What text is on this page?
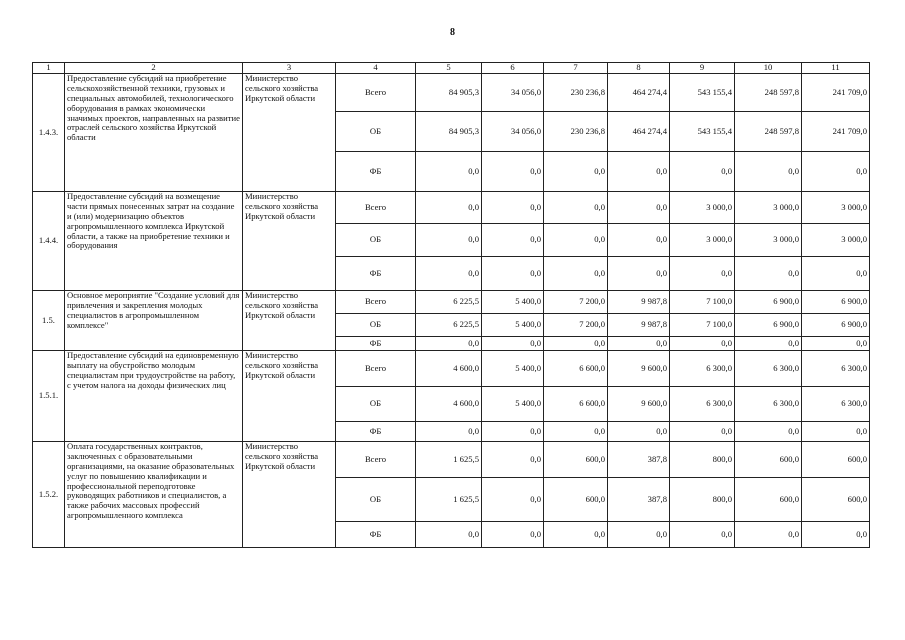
8
1	2	3	4	5	6	7	8	9	10	11
1.4.3.	Предоставление субсидий на приобретение сельскохозяйственной техники, грузовых и специальных автомобилей, технологического оборудования в рамках экономически значимых проектов, направленных на развитие отраслей сельского хозяйства Иркутской области	Министерство сельского хозяйства Иркутской области	Всего	84 905,3	34 056,0	230 236,8	464 274,4	543 155,4	248 597,8	241 709,0
			ОБ	84 905,3	34 056,0	230 236,8	464 274,4	543 155,4	248 597,8	241 709,0
			ФБ	0,0	0,0	0,0	0,0	0,0	0,0	0,0
1.4.4.	Предоставление субсидий на возмещение части прямых понесенных затрат на создание и (или) модернизацию объектов агропромышленного комплекса Иркутской области, а также на приобретение техники и оборудования	Министерство сельского хозяйства Иркутской области	Всего	0,0	0,0	0,0	0,0	3 000,0	3 000,0	3 000,0
			ОБ	0,0	0,0	0,0	0,0	3 000,0	3 000,0	3 000,0
			ФБ	0,0	0,0	0,0	0,0	0,0	0,0	0,0
1.5.	Основное мероприятие "Создание условий для привлечения и закрепления молодых специалистов в агропромышленном комплексе"	Министерство сельского хозяйства Иркутской области	Всего	6 225,5	5 400,0	7 200,0	9 987,8	7 100,0	6 900,0	6 900,0
			ОБ	6 225,5	5 400,0	7 200,0	9 987,8	7 100,0	6 900,0	6 900,0
			ФБ	0,0	0,0	0,0	0,0	0,0	0,0	0,0
1.5.1.	Предоставление субсидий на единовременную выплату на обустройство молодым специалистам при трудоустройстве на работу, с учетом налога на доходы физических лиц	Министерство сельского хозяйства Иркутской области	Всего	4 600,0	5 400,0	6 600,0	9 600,0	6 300,0	6 300,0	6 300,0
			ОБ	4 600,0	5 400,0	6 600,0	9 600,0	6 300,0	6 300,0	6 300,0
			ФБ	0,0	0,0	0,0	0,0	0,0	0,0	0,0
1.5.2.	Оплата государственных контрактов, заключенных с образовательными организациями, на оказание образовательных услуг по повышению квалификации и профессиональной переподготовке руководящих работников и специалистов, а также рабочих массовых профессий агропромышленного комплекса	Министерство сельского хозяйства Иркутской области	Всего	1 625,5	0,0	600,0	387,8	800,0	600,0	600,0
			ОБ	1 625,5	0,0	600,0	387,8	800,0	600,0	600,0
			ФБ	0,0	0,0	0,0	0,0	0,0	0,0	0,0
